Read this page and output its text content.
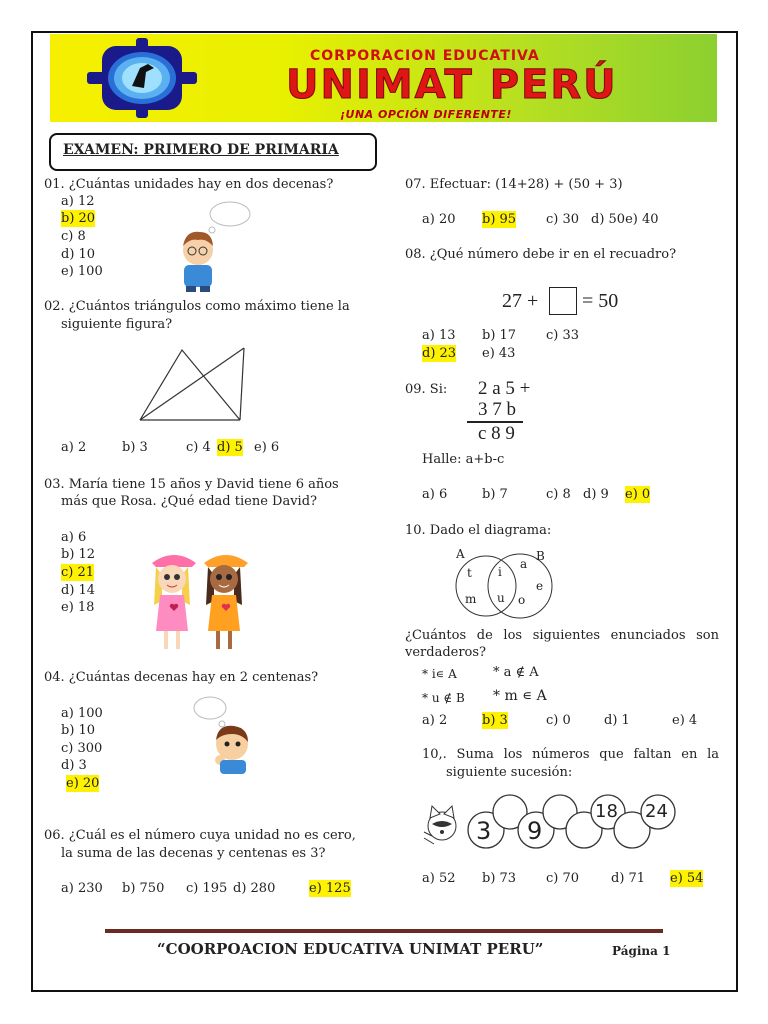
CORPORACION EDUCATIVA
UNIMAT PERÚ
¡UNA OPCIÓN DIFERENTE!
EXAMEN: PRIMERO DE PRIMARIA
01. ¿Cuántas unidades hay en dos decenas?
a) 12
b) 20
c) 8
d) 10
e) 100
02. ¿Cuántos triángulos como máximo tiene la
siguiente figura?
a) 2	b) 3	c) 4 d) 5 e) 6
03. María tiene 15 años y David tiene 6 años
más que Rosa. ¿Qué edad tiene David?
a) 6
b) 12
c) 21
d) 14
e) 18
04. ¿Cuántas decenas hay en 2 centenas?
a) 100
b) 10
c) 300
d) 3
e) 20
06. ¿Cuál es el número cuya unidad no es cero,
la suma de las decenas y centenas es 3?
a) 230 b) 750 c) 195 d) 280	e) 125
07. Efectuar: (14+28) + (50 + 3)
a) 20 b) 95 c) 30 d) 50e) 40
08. ¿Qué número debe ir en el recuadro?
27 + = 50
a) 13 b) 17 c) 33
d) 23 e) 43
09. Si: 2 a 5 +
3 7 b
c 8 9
Halle: a+b-c
a) 6	b) 7	c) 8 d) 9 e) 0
10. Dado el diagrama:
A	B
t
m
i
u
a
e
o
¿Cuántos de los siguientes enunciados son
verdaderos?
* i∊ A	* a ∉ A
* u ∉ B * m ∊ A
a) 2	b) 3	c) 0	d) 1	e) 4
10,. Suma los números que faltan en la
siguiente sucesión:
3 9
18 24
a) 52 b) 73 c) 70 d) 71 e) 54
“COORPOACION EDUCATIVA UNIMAT PERU”	Página 1
